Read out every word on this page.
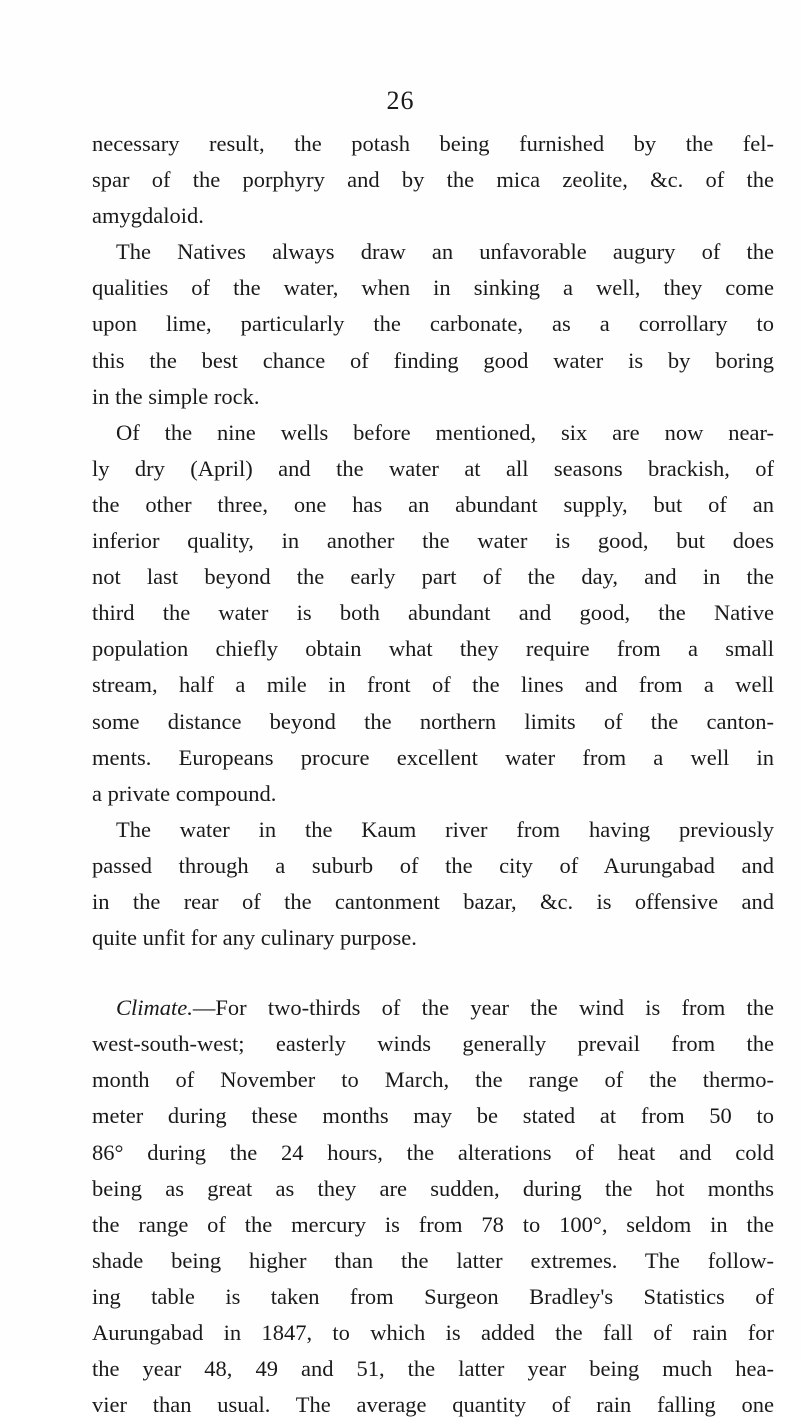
26
necessary result, the potash being furnished by the fel-
spar of the porphyry and by the mica zeolite, &c. of the
amygdaloid.
The Natives always draw an unfavorable augury of the
qualities of the water, when in sinking a well, they come
upon lime, particularly the carbonate, as a corrollary to
this the best chance of finding good water is by boring
in the simple rock.
Of the nine wells before mentioned, six are now near-
ly dry (April) and the water at all seasons brackish, of
the other three, one has an abundant supply, but of an
inferior quality, in another the water is good, but does
not last beyond the early part of the day, and in the
third the water is both abundant and good, the Native
population chiefly obtain what they require from a small
stream, half a mile in front of the lines and from a well
some distance beyond the northern limits of the canton-
ments. Europeans procure excellent water from a well in
a private compound.
The water in the Kaum river from having previously
passed through a suburb of the city of Aurungabad and
in the rear of the cantonment bazar, &c. is offensive and
quite unfit for any culinary purpose.
Climate.—For two-thirds of the year the wind is from the
west-south-west; easterly winds generally prevail from the
month of November to March, the range of the thermo-
meter during these months may be stated at from 50 to
86° during the 24 hours, the alterations of heat and cold
being as great as they are sudden, during the hot months
the range of the mercury is from 78 to 100°, seldom in the
shade being higher than the latter extremes. The follow-
ing table is taken from Surgeon Bradley's Statistics of
Aurungabad in 1847, to which is added the fall of rain for
the year 48, 49 and 51, the latter year being much hea-
vier than usual. The average quantity of rain falling one
